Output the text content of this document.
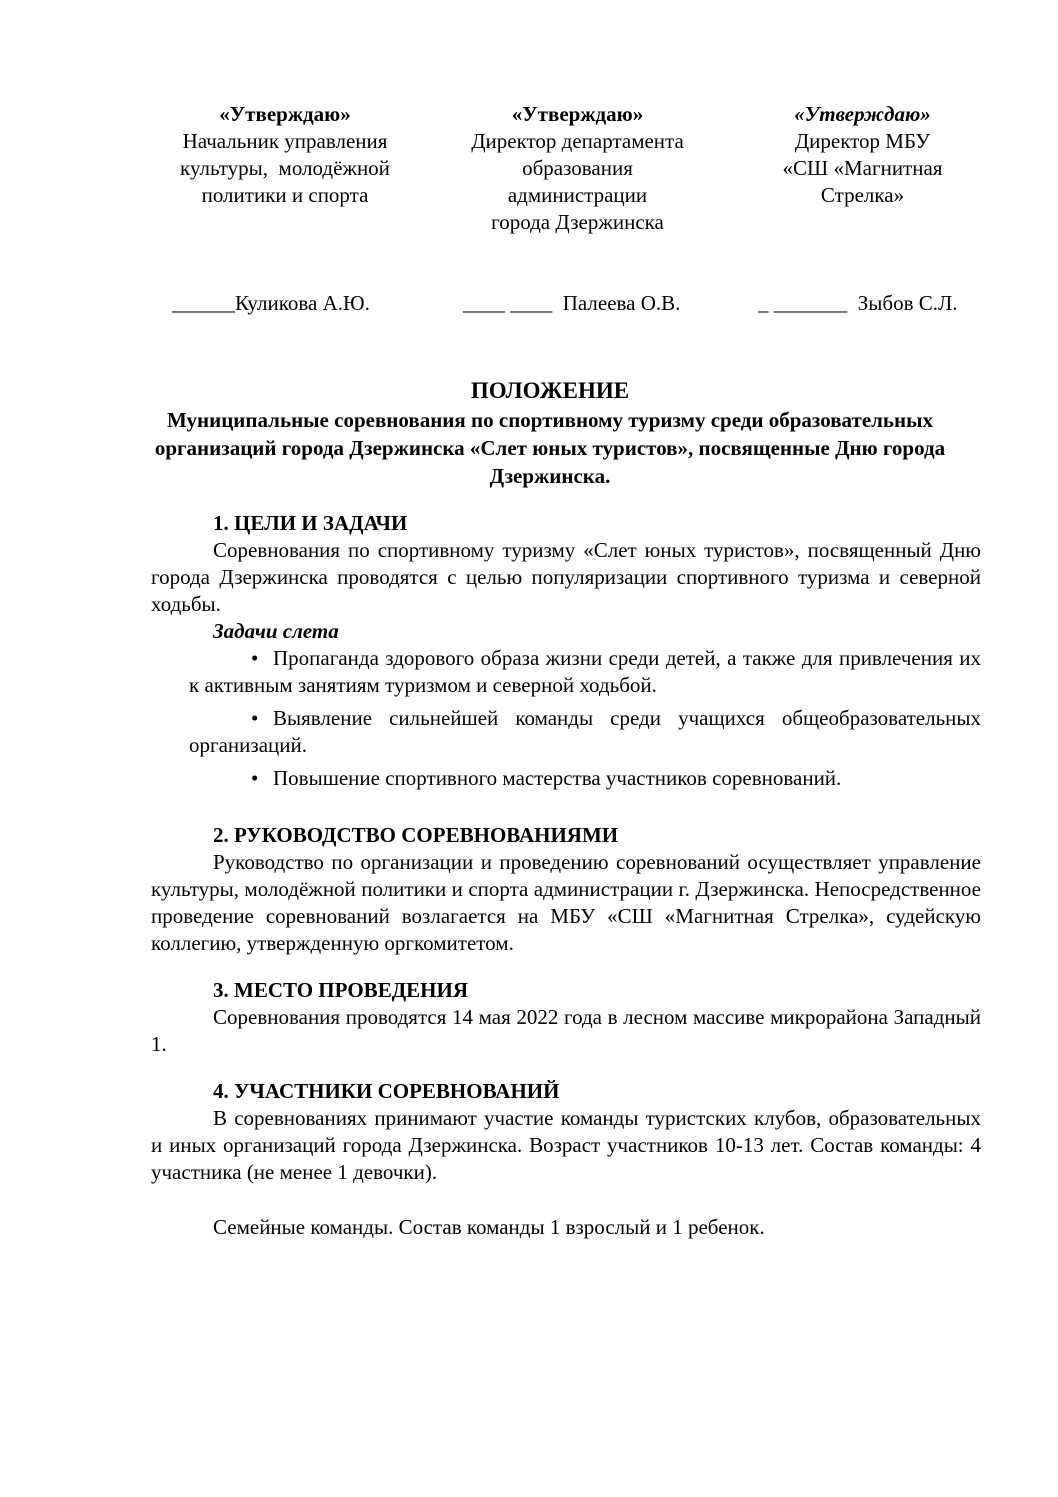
«Утверждаю»
Начальник управления
культуры,  молодёжной
политики и спорта
«Утверждаю»
Директор департамента
образования
администрации
города Дзержинска
«Утверждаю»
Директор МБУ
«СШ «Магнитная
Стрелка»
______Куликова А.Ю.	____ ____  Палеева О.В.	_ _______  Зыбов С.Л.

ПОЛОЖЕНИЕ

Муниципальные соревнования по спортивному туризму среди образовательных организаций города Дзержинска «Слет юных туристов», посвященные Дню города Дзержинска.

1. ЦЕЛИ И ЗАДАЧИ

Соревнования по спортивному туризму «Слет юных туристов», посвященный Дню города Дзержинска проводятся с целью популяризации спортивного туризма и северной ходьбы.

Задачи слета

• Пропаганда здорового образа жизни среди детей, а также для привлечения их к активным занятиям туризмом и северной ходьбой.
• Выявление сильнейшей команды среди учащихся общеобразовательных организаций.
• Повышение спортивного мастерства участников соревнований.

2. РУКОВОДСТВО СОРЕВНОВАНИЯМИ

Руководство по организации и проведению соревнований осуществляет управление культуры, молодёжной политики и спорта администрации г. Дзержинска. Непосредственное проведение соревнований возлагается на МБУ «СШ «Магнитная Стрелка», судейскую коллегию, утвержденную оргкомитетом.

3. МЕСТО ПРОВЕДЕНИЯ

Соревнования проводятся 14 мая 2022 года в лесном массиве микрорайона Западный 1.

4. УЧАСТНИКИ СОРЕВНОВАНИЙ

В соревнованиях принимают участие команды туристских клубов, образовательных и иных организаций города Дзержинска. Возраст участников 10-13 лет. Состав команды: 4 участника (не менее 1 девочки).

Семейные команды. Состав команды 1 взрослый и 1 ребенок.
